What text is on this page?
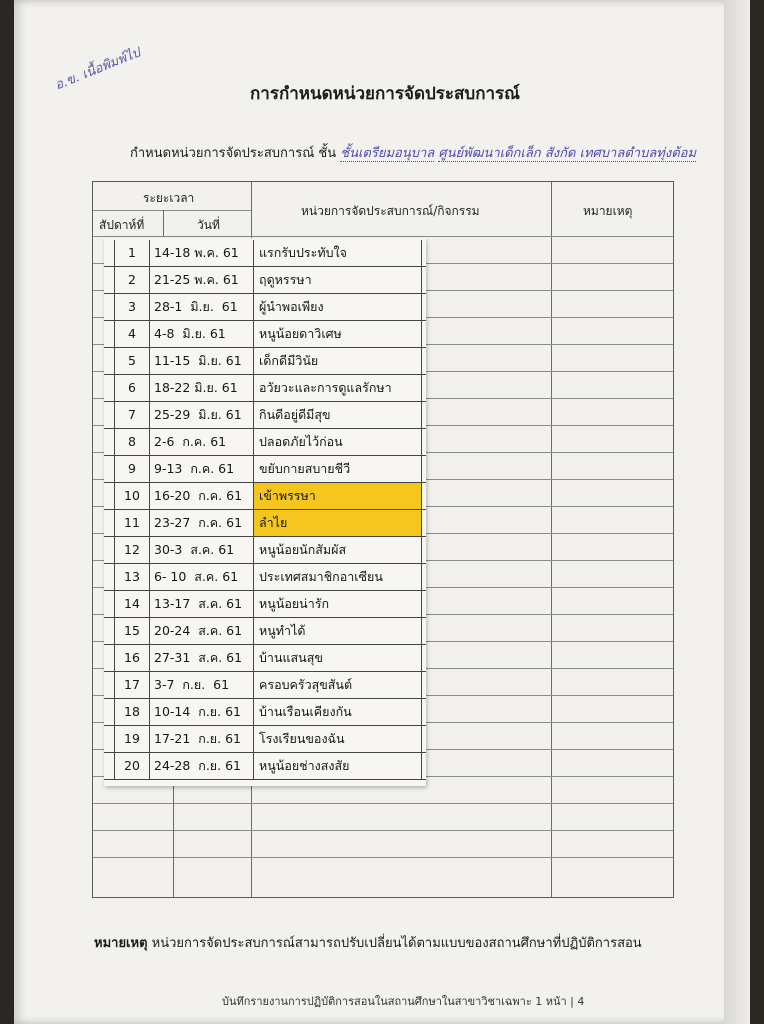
อ.ข. เนื้อพิมพ์ไป
การกำหนดหน่วยการจัดประสบการณ์
กำหนดหน่วยการจัดประสบการณ์ ชั้น ชั้นเตรียมอนุบาล ศูนย์พัฒนาเด็กเล็ก สังกัด เทศบาลตำบลทุ่งต้อม
ระยะเวลา
สัปดาห์ที่	วันที่
หน่วยการจัดประสบการณ์/กิจกรรม	หมายเหตุ
1	14-18 พ.ค. 61	แรกรับประทับใจ
2	21-25 พ.ค. 61	ฤดูหรรษา
3	28-1  มิ.ย.  61	ผู้นำพอเพียง
4	4-8  มิ.ย. 61	หนูน้อยดาวิเศษ
5	11-15  มิ.ย. 61	เด็กดีมีวินัย
6	18-22 มิ.ย. 61	อวัยวะและการดูแลรักษา
7	25-29  มิ.ย. 61	กินดีอยู่ดีมีสุข
8	2-6  ก.ค. 61	ปลอดภัยไว้ก่อน
9	9-13  ก.ค. 61	ขยับกายสบายชีวี
10	16-20  ก.ค. 61	เข้าพรรษา
11	23-27  ก.ค. 61	ลำไย
12	30-3  ส.ค. 61	หนูน้อยนักสัมผัส
13	6- 10  ส.ค. 61	ประเทศสมาชิกอาเซียน
14	13-17  ส.ค. 61	หนูน้อยน่ารัก
15	20-24  ส.ค. 61	หนูทำได้
16	27-31  ส.ค. 61	บ้านแสนสุข
17	3-7  ก.ย.  61	ครอบครัวสุขสันต์
18	10-14  ก.ย. 61	บ้านเรือนเคียงกัน
19	17-21  ก.ย. 61	โรงเรียนของฉัน
20	24-28  ก.ย. 61	หนูน้อยช่างสงสัย
หมายเหตุ หน่วยการจัดประสบการณ์สามารถปรับเปลี่ยนได้ตามแบบของสถานศึกษาที่ปฏิบัติการสอน
บันทึกรายงานการปฏิบัติการสอนในสถานศึกษาในสาขาวิชาเฉพาะ 1 หน้า | 4
